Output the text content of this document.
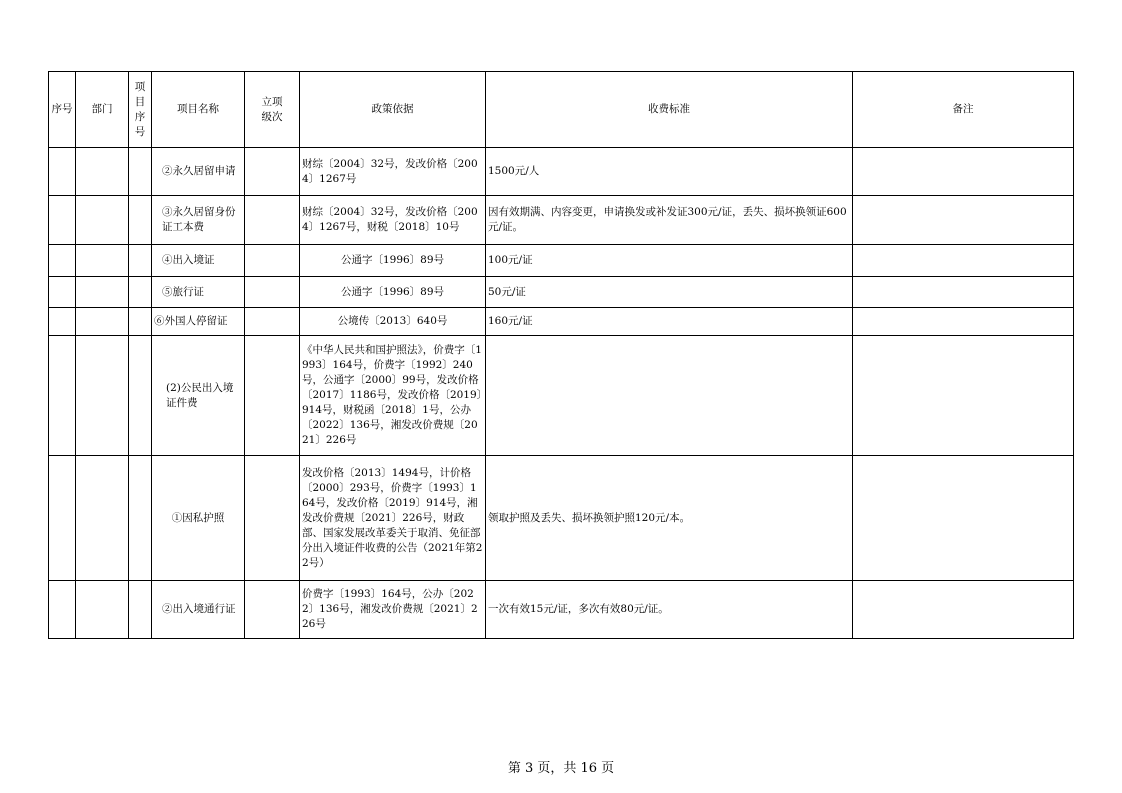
序号	部门	项目序号	项目名称	立项级次	政策依据	收费标准	备注
			②永久居留申请		财综〔2004〕32号，发改价格〔2004〕1267号	1500元/人	
			③永久居留身份证工本费		财综〔2004〕32号，发改价格〔2004〕1267号，财税〔2018〕10号	因有效期满、内容变更，申请换发或补发证300元/证，丢失、损坏换领证600元/证。	
			④出入境证		公通字〔1996〕89号	100元/证	
			⑤旅行证		公通字〔1996〕89号	50元/证	
			⑥外国人停留证		公境传〔2013〕640号	160元/证	
			(2)公民出入境证件费		《中华人民共和国护照法》，价费字〔1993〕164号，价费字〔1992〕240号，公通字〔2000〕99号，发改价格〔2017〕1186号，发改价格〔2019〕914号，财税函〔2018〕1号，公办〔2022〕136号，湘发改价费规〔2021〕226号		
			①因私护照		发改价格〔2013〕1494号，计价格〔2000〕293号，价费字〔1993〕164号，发改价格〔2019〕914号，湘发改价费规〔2021〕226号，财政部、国家发展改革委关于取消、免征部分出入境证件收费的公告（2021年第22号）	领取护照及丢失、损坏换领护照120元/本。	
			②出入境通行证		价费字〔1993〕164号，公办〔2022〕136号，湘发改价费规〔2021〕226号	一次有效15元/证，多次有效80元/证。	
第 3 页，共 16 页
